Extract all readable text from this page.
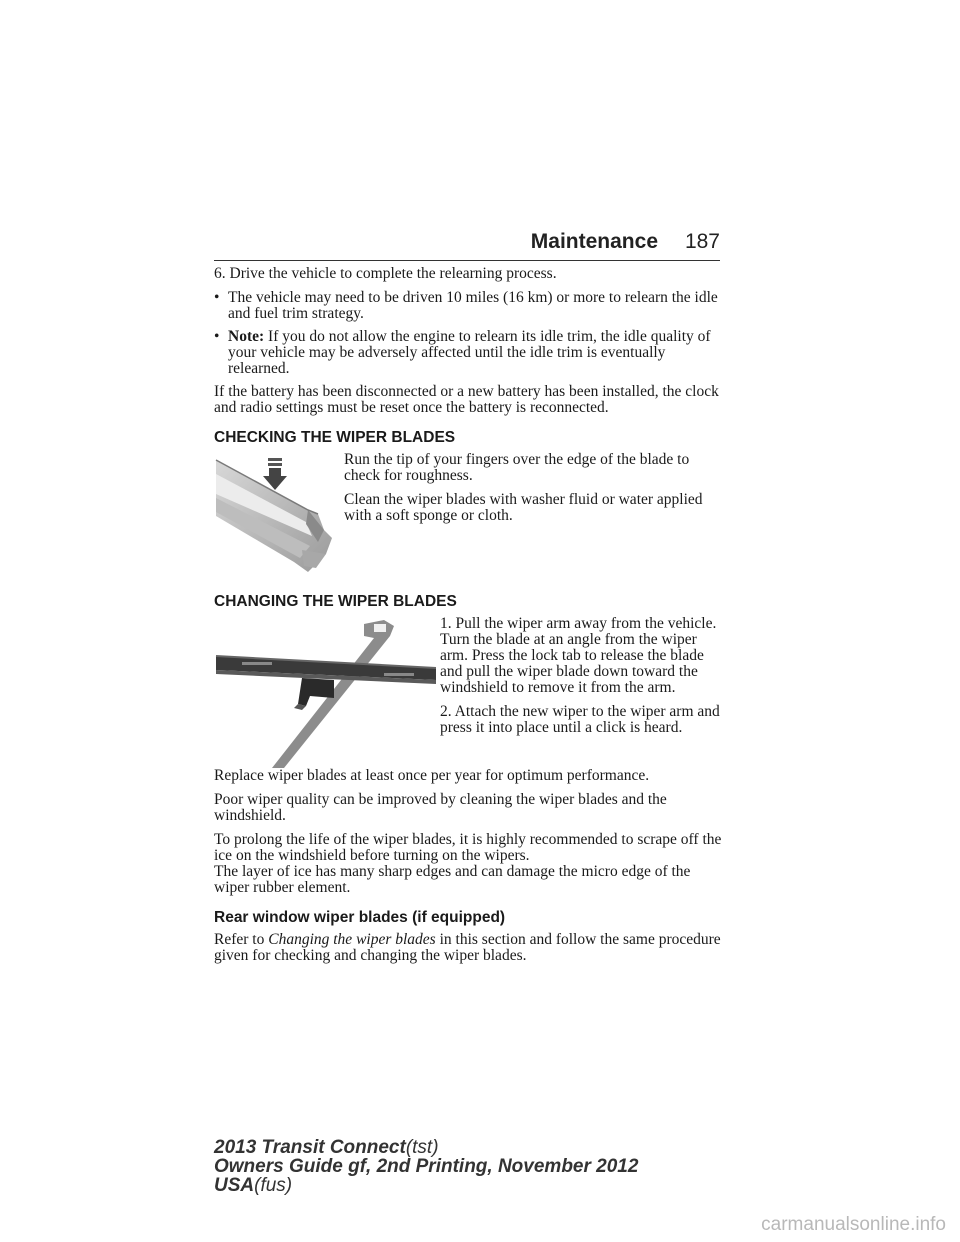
Maintenance 187

6. Drive the vehicle to complete the relearning process.

• The vehicle may need to be driven 10 miles (16 km) or more to relearn the idle and fuel trim strategy.
• Note: If you do not allow the engine to relearn its idle trim, the idle quality of your vehicle may be adversely affected until the idle trim is eventually relearned.

If the battery has been disconnected or a new battery has been installed, the clock and radio settings must be reset once the battery is reconnected.

CHECKING THE WIPER BLADES

Run the tip of your fingers over the edge of the blade to check for roughness.

Clean the wiper blades with washer fluid or water applied with a soft sponge or cloth.

CHANGING THE WIPER BLADES

1. Pull the wiper arm away from the vehicle. Turn the blade at an angle from the wiper arm. Press the lock tab to release the blade and pull the wiper blade down toward the windshield to remove it from the arm.

2. Attach the new wiper to the wiper arm and press it into place until a click is heard.

Replace wiper blades at least once per year for optimum performance.

Poor wiper quality can be improved by cleaning the wiper blades and the windshield.

To prolong the life of the wiper blades, it is highly recommended to scrape off the ice on the windshield before turning on the wipers.

The layer of ice has many sharp edges and can damage the micro edge of the wiper rubber element.

Rear window wiper blades (if equipped)

Refer to Changing the wiper blades in this section and follow the same procedure given for checking and changing the wiper blades.

2013 Transit Connect(tst)
Owners Guide gf, 2nd Printing, November 2012
USA(fus)
carmanualsonline.info
